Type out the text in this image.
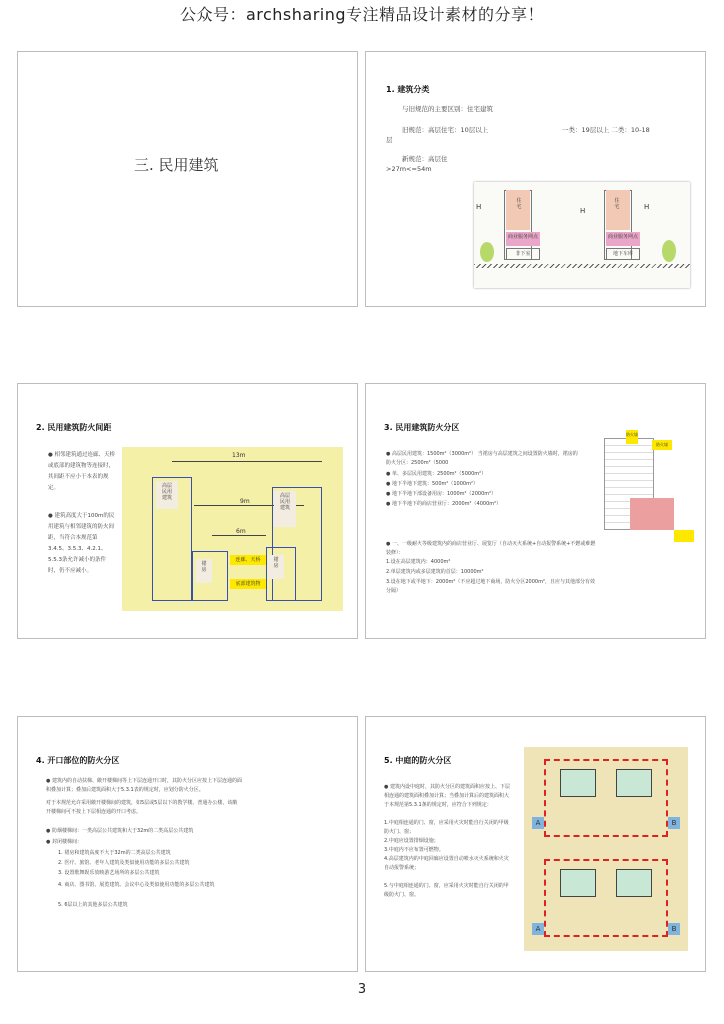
公众号：archsharing专注精品设计素材的分享！
三. 民用建筑
1. 建筑分类
与旧规范的主要区别：住宅建筑
旧规范：高层住宅：10层以上	一类：19层以上 二类：10-18
层
新规范：高层住
>27m<=54m
住
宅
商业服务网点
非下室
H
住
宅
商业服务网点
地下车库
H	H
2. 民用建筑防火间距
● 相邻建筑通过连廊、天桥或底部的建筑物等连接时，其间距不应小于本表的规定。
● 建筑高度大于100m的民用建筑与相邻建筑的防火间距，当符合本规范第3.4.5、3.5.3、4.2.1、5.5.3条允许减小的条件时，仍不应减小。
13m
9m
6m
高层
民用
建筑	高层
民用
建筑
裙
房
裙
房
连廊、天桥
底部建筑物
3. 民用建筑防火分区
● 高层民用建筑：1500m²（3000m²） 当裙房与高层建筑之间设置防火墙时，裙房的防火分区：2500m²（5000
● 单、多层民用建筑：2500m²（5000m²）
● 地下半地下建筑：500m²（1000m²）
● 地下半地下部设备用房：1000m²（2000m²）
● 地下半地下的商店营业厅：2000m²（4000m²）
● 一、一级耐火等级建筑内的商店营业厅、展览厅（自动灭火系统+自动报警系统+不燃或难燃装修）：
1.设在高层建筑内：4000m²
2.单层建筑内或多层建筑的首层：10000m²
3.设在地下或半地下：2000m²（不应超过地下商场，防火分区2000m²，且应与其他部分有效分隔）
防火墙
防火墙
4. 开口部位的防火分区
● 建筑内的自动扶梯、敞开楼梯间等上下层连通开口时，其防火分区应按上下层连通的面积叠加计算；叠加后建筑面积大于5.3.1表的规定时，应划分防火分区。
对于本规范允许采用敞开楼梯间的建筑，如5层或5层以下的教学楼、普通办公楼，该敞开楼梯间可不按上下层相连通的开口考虑。
● 防烟楼梯间：一类高层公共建筑和大于32m的二类高层公共建筑
● 封闭楼梯间：
1. 裙房和建筑高度不大于32m的二类高层公共建筑
2. 医疗、旅馆、老年人建筑及类似使用功能的多层公共建筑
3. 设置歌舞娱乐放映游艺场所的多层公共建筑
4. 商店、图书馆、展览建筑、会议中心及类似使用功能的多层公共建筑
5. 6层以上的其他多层公共建筑
5. 中庭的防火分区
● 建筑内设中庭时，其防火分区的建筑面积应按上、下层相连通的建筑面积叠加计算；当叠加计算后的建筑面积大于本规范第5.3.1条的规定时，应符合下列规定：
1.中庭相连通的门、窗，应采用火灾时能自行关闭的甲级防火门、窗；
2.中庭应设置排烟设施；
3.中庭内不应布置可燃物。
4.高层建筑内的中庭回廊应设置自动喷水灭火系统和火灾自动报警系统；
5.与中庭相连通的门、窗，应采用火灾时能自行关闭的甲级防火门、窗。
A	B
A	B
3
